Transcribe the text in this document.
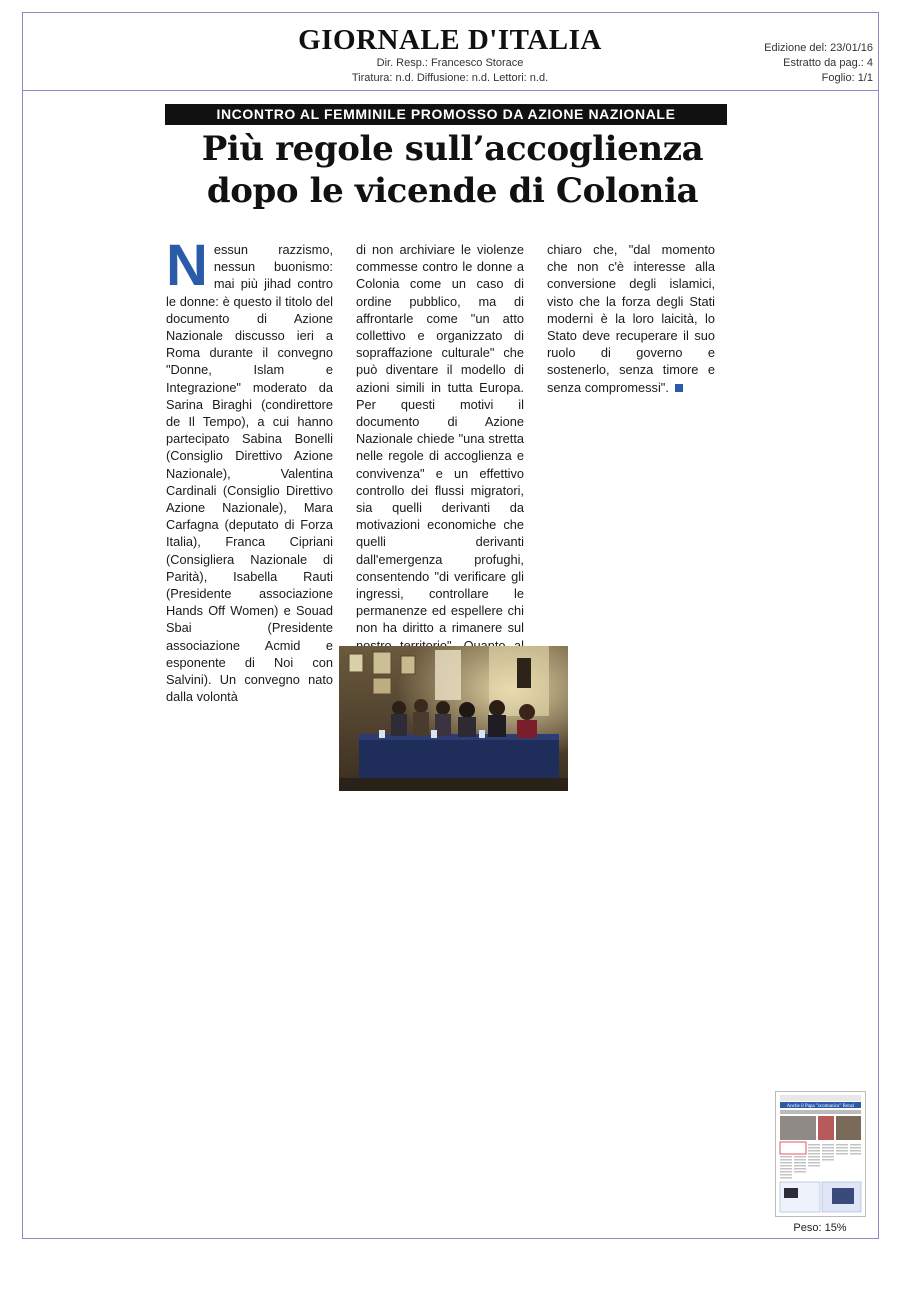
GIORNALE D'ITALIA
Dir. Resp.: Francesco Storace
Tiratura: n.d. Diffusione: n.d. Lettori: n.d.
Edizione del: 23/01/16
Estratto da pag.: 4
Foglio: 1/1
INCONTRO AL FEMMINILE PROMOSSO DA AZIONE NAZIONALE
Più regole sull’accoglienza
dopo le vicende di Colonia
N essun razzismo, nessun buonismo: mai più jihad contro le donne: è questo il titolo del documento di Azione Nazionale discusso ieri a Roma durante il convegno "Donne, Islam e Integrazione" moderato da Sarina Biraghi (condirettore de Il Tempo), a cui hanno partecipato Sabina Bonelli (Consiglio Direttivo Azione Nazionale), Valentina Cardinali (Consiglio Direttivo Azione Nazionale), Mara Carfagna (deputato di Forza Italia), Franca Cipriani (Consigliera Nazionale di Parità), Isabella Rauti (Presidente associazione Hands Off Women) e Souad Sbai (Presidente associazione Acmid e esponente di Noi con Salvini). Un convegno nato dalla volontà
di non archiviare le violenze commesse contro le donne a Colonia come un caso di ordine pubblico, ma di affrontarle come "un atto collettivo e organizzato di sopraffazione culturale" che può diventare il modello di azioni simili in tutta Europa. Per questi motivi il documento di Azione Nazionale chiede "una stretta nelle regole di accoglienza e convivenza" e un effettivo controllo dei flussi migratori, sia quelli derivanti da motivazioni economiche che quelli derivanti dall'emergenza profughi, consentendo "di verificare gli ingressi, controllare le permanenze ed espellere chi non ha diritto a rimanere sul
chiaro che, "dal momento che non c'è interesse alla conversione degli islamici, visto che la forza degli Stati moderni è la loro laicità, lo Stato deve recuperare il suo ruolo di governo e sostenerlo, senza timore e senza compromessi".
Anche il Papa "scomunica" Renzi
Peso: 15%
